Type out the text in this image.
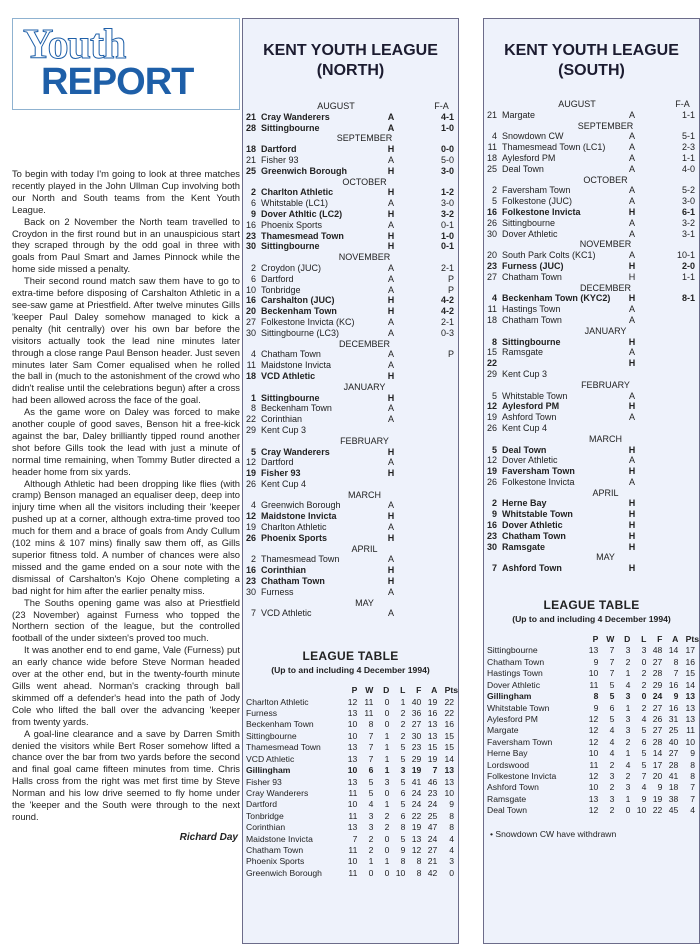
Youth
REPORT

To begin with today I'm going to look at three matches recently played in the John Ullman Cup involving both our North and South teams from the Kent Youth League.

Back on 2 November the North team travelled to Croydon in the first round but in an unauspicious start they scraped through by the odd goal in three with goals from Paul Smart and James Pinnock while the home side missed a penalty.

Their second round match saw them have to go to extra-time before disposing of Carshalton Athletic in a see-saw game at Priestfield. After twelve minutes Gills 'keeper Paul Daley somehow managed to kick a penalty (hit centrally) over his own bar before the visitors actually took the lead nine minutes later through a close range Paul Benson header. Just seven minutes later Sam Comer equalised when he rolled the ball in (much to the astonishment of the crowd who didn't realise until the celebrations begun) after a cross had been allowed across the face of the goal.

As the game wore on Daley was forced to make another couple of good saves, Benson hit a free-kick against the bar, Daley brilliantly tipped round another shot before Gills took the lead with just a minute of normal time remaining, when Tommy Butler directed a header home from six yards.

Although Athletic had been dropping like flies (with cramp) Benson managed an equaliser deep, deep into injury time when all the visitors including their 'keeper pushed up at a corner, although extra-time proved too much for them and a brace of goals from Andy Cullum (102 mins & 107 mins) finally saw them off, as Gills superior fitness told. A number of chances were also missed and the game ended on a sour note with the dismissal of Carshalton's Kojo Ohene completing a bad night for him after the earlier penalty miss.

The Souths opening game was also at Priestfield (23 November) against Furness who topped the Northern section of the league, but the controlled football of the under sixteen's proved too much.

It was another end to end game, Vale (Furness) put an early chance wide before Steve Norman headed over at the other end, but in the twenty-fourth minute Gills went ahead. Norman's cracking through ball skimmed off a defender's head into the path of Jody Cole who lifted the ball over the advancing 'keeper from twenty yards.

A goal-line clearance and a save by Darren Smith denied the visitors while Bert Roser somehow lifted a chance over the bar from two yards before the second and final goal came fifteen minutes from time. Chris Halls cross from the right was met first time by Steve Norman and his low drive seemed to fly home under the 'keeper and the South were through to the next round.

Richard Day
KENT YOUTH LEAGUE
(NORTH)
AUGUST			F-A
21	Cray Wanderers	A	4-1
28	Sittingbourne	A	1-0
SEPTEMBER			
18	Dartford	H	0-0
21	Fisher 93	A	5-0
25	Greenwich Borough	H	3-0
OCTOBER			
2	Charlton Athletic	H	1-2
6	Whitstable (LC1)	A	3-0
9	Dover Athltic (LC2)	H	3-2
16	Phoenix Sports	A	0-1
23	Thamesmead Town	H	1-0
30	Sittingbourne	H	0-1
NOVEMBER			
2	Croydon (JUC)	A	2-1
6	Dartford	A	P
10	Tonbridge	A	P
16	Carshalton (JUC)	H	4-2
20	Beckenham Town	H	4-2
27	Folkestone Invicta (KC)	A	2-1
30	Sittingbourne (LC3)	A	0-3
DECEMBER			
4	Chatham Town	A	P
11	Maidstone Invicta	A	
18	VCD Athletic	H	
JANUARY			
1	Sittingbourne	H	
8	Beckenham Town	A	
22	Corinthian	A	
29	Kent Cup 3		
FEBRUARY			
5	Cray Wanderers	H	
12	Dartford	A	
19	Fisher 93	H	
26	Kent Cup 4		
MARCH			
4	Greenwich Borough	A	
12	Maidstone Invicta	H	
19	Charlton Athletic	A	
26	Phoenix Sports	H	
APRIL			
2	Thamesmead Town	A	
16	Corinthian	H	
23	Chatham Town	H	
30	Furness	A	
MAY			
7	VCD Athletic	A	
LEAGUE TABLE
(Up to and including 4 December 1994)
	P	W	D	L	F	A	Pts
Charlton Athletic	12	11	0	1	40	19	22
Furness	13	11	0	2	36	16	22
Beckenham Town	10	8	0	2	27	13	16
Sittingbourne	10	7	1	2	30	13	15
Thamesmead Town	13	7	1	5	23	15	15
VCD Athletic	13	7	1	5	29	19	14
Gillingham	10	6	1	3	19	7	13
Fisher 93	13	5	3	5	41	46	13
Cray Wanderers	11	5	0	6	24	23	10
Dartford	10	4	1	5	24	24	9
Tonbridge	11	3	2	6	22	25	8
Corinthian	13	3	2	8	19	47	8
Maidstone Invicta	7	2	0	5	13	24	4
Chatham Town	11	2	0	9	12	27	4
Phoenix Sports	10	1	1	8	8	21	3
Greenwich Borough	11	0	0	10	8	42	0
KENT YOUTH LEAGUE
(SOUTH)
AUGUST			F-A
21	Margate	A	1-1
SEPTEMBER			
4	Snowdown CW	A	5-1
11	Thamesmead Town (LC1)	A	2-3
18	Aylesford PM	A	1-1
25	Deal Town	A	4-0
OCTOBER			
2	Faversham Town	A	5-2
5	Folkestone (JUC)	A	3-0
16	Folkestone Invicta	H	6-1
26	Sittingbourne	A	3-2
30	Dover Athletic	A	3-1
NOVEMBER			
20	South Park Colts (KC1)	A	10-1
23	Furness (JUC)	H	2-0
27	Chatham Town	H	1-1
DECEMBER			
4	Beckenham Town (KYC2)	H	8-1
11	Hastings Town	A	
18	Chatham Town	A	
JANUARY			
8	Sittingbourne	H	
15	Ramsgate	A	
22		H	
29	Kent Cup 3		
FEBRUARY			
5	Whitstable Town	A	
12	Aylesford PM	H	
19	Ashford Town	A	
26	Kent Cup 4		
MARCH			
5	Deal Town	H	
12	Dover Athletic	A	
19	Faversham Town	H	
26	Folkestone Invicta	A	
APRIL			
2	Herne Bay	H	
9	Whitstable Town	H	
16	Dover Athletic	H	
23	Chatham Town	H	
30	Ramsgate	H	
MAY			
7	Ashford Town	H	
LEAGUE TABLE
(Up to and including 4 December 1994)
	P	W	D	L	F	A	Pts
Sittingbourne	13	7	3	3	48	14	17
Chatham Town	9	7	2	0	27	8	16
Hastings Town	10	7	1	2	28	7	15
Dover Athletic	11	5	4	2	29	16	14
Gillingham	8	5	3	0	24	9	13
Whitstable Town	9	6	1	2	27	16	13
Aylesford PM	12	5	3	4	26	31	13
Margate	12	4	3	5	27	25	11
Faversham Town	12	4	2	6	28	40	10
Herne Bay	10	4	1	5	14	27	9
Lordswood	11	2	4	5	17	28	8
Folkestone Invicta	12	3	2	7	20	41	8
Ashford Town	10	2	3	4	9	18	7
Ramsgate	13	3	1	9	19	38	7
Deal Town	12	2	0	10	22	45	4
• Snowdown CW have withdrawn
